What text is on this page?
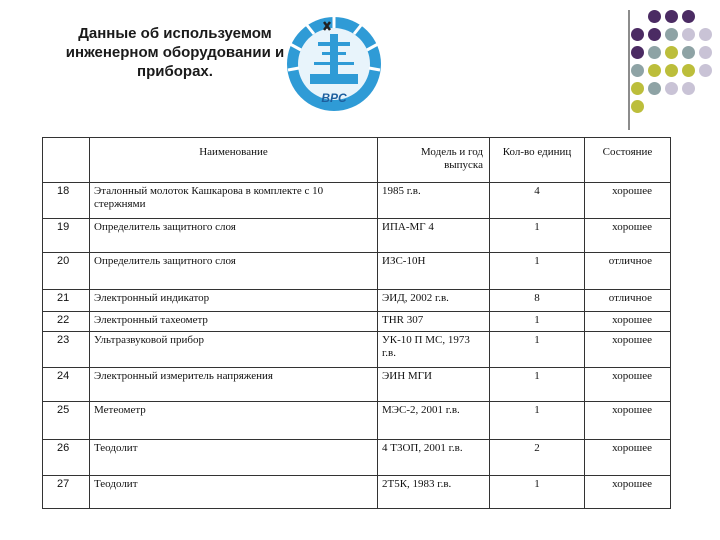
Данные об используемом инженерном оборудовании и приборах.
ВРС
	Наименование	Модель и год выпуска	Кол-во единиц	Состояние
18	Эталонный молоток Кашкарова в комплекте с 10 стержнями	1985 г.в.	4	хорошее
19	Определитель защитного слоя	ИПА-МГ 4	1	хорошее
20	Определитель защитного слоя	ИЗС-10Н	1	отличное
21	Электронный индикатор	ЭИД, 2002 г.в.	8	отличное
22	Электронный тахеометр	THR 307	1	хорошее
23	Ультразвуковой прибор	УК-10 П МС, 1973 г.в.	1	хорошее
24	Электронный измеритель напряжения	ЭИН МГИ	1	хорошее
25	Метеометр	МЭС-2, 2001 г.в.	1	хорошее
26	Теодолит	4 Т3ОП, 2001 г.в.	2	хорошее
27	Теодолит	2Т5К, 1983 г.в.	1	хорошее
